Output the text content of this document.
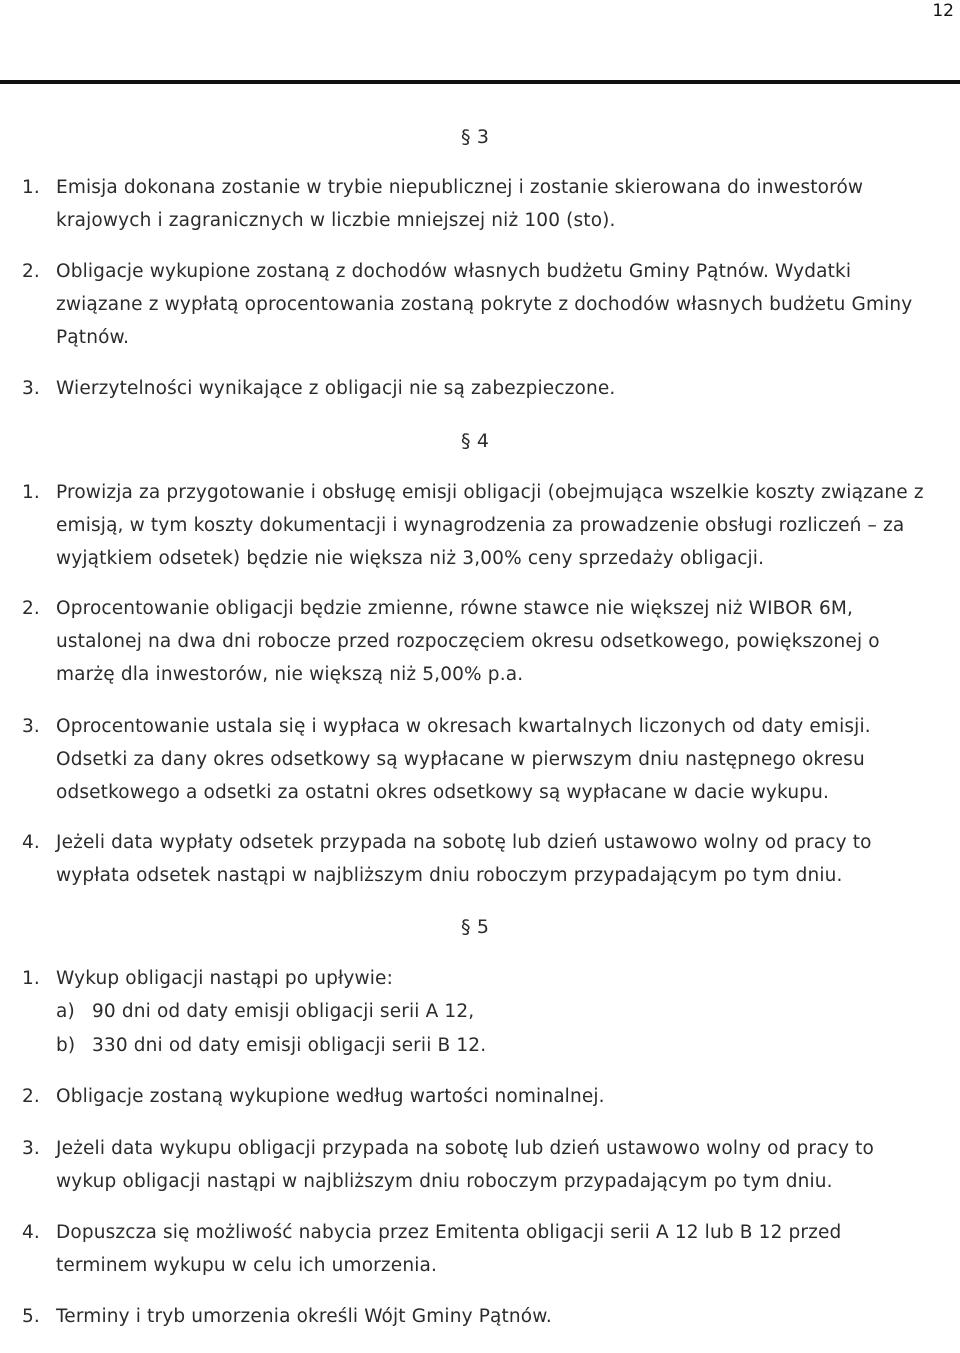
12
§ 3
1. Emisja dokonana zostanie w trybie niepublicznej i zostanie skierowana do inwestorów krajowych i zagranicznych w liczbie mniejszej niż 100 (sto).
2. Obligacje wykupione zostaną z dochodów własnych budżetu Gminy Pątnów. Wydatki związane z wypłatą oprocentowania zostaną pokryte z dochodów własnych budżetu Gminy Pątnów.
3. Wierzytelności wynikające z obligacji nie są zabezpieczone.
§ 4
1. Prowizja za przygotowanie i obsługę emisji obligacji (obejmująca wszelkie koszty związane z emisją, w tym koszty dokumentacji i wynagrodzenia za prowadzenie obsługi rozliczeń – za wyjątkiem odsetek) będzie nie większa niż 3,00% ceny sprzedaży obligacji.
2. Oprocentowanie obligacji będzie zmienne, równe stawce nie większej niż WIBOR 6M, ustalonej na dwa dni robocze przed rozpoczęciem okresu odsetkowego, powiększonej o marżę dla inwestorów, nie większą niż 5,00% p.a.
3. Oprocentowanie ustala się i wypłaca w okresach kwartalnych liczonych od daty emisji. Odsetki za dany okres odsetkowy są wypłacane w pierwszym dniu następnego okresu odsetkowego a odsetki za ostatni okres odsetkowy są wypłacane w dacie wykupu.
4. Jeżeli data wypłaty odsetek przypada na sobotę lub dzień ustawowo wolny od pracy to wypłata odsetek nastąpi w najbliższym dniu roboczym przypadającym po tym dniu.
§ 5
1. Wykup obligacji nastąpi po upływie:
a) 90 dni od daty emisji obligacji serii A 12,
b) 330 dni od daty emisji obligacji serii B 12.
2. Obligacje zostaną wykupione według wartości nominalnej.
3. Jeżeli data wykupu obligacji przypada na sobotę lub dzień ustawowo wolny od pracy to wykup obligacji nastąpi w najbliższym dniu roboczym przypadającym po tym dniu.
4. Dopuszcza się możliwość nabycia przez Emitenta obligacji serii A 12 lub B 12 przed terminem wykupu w celu ich umorzenia.
5. Terminy i tryb umorzenia określi Wójt Gminy Pątnów.
